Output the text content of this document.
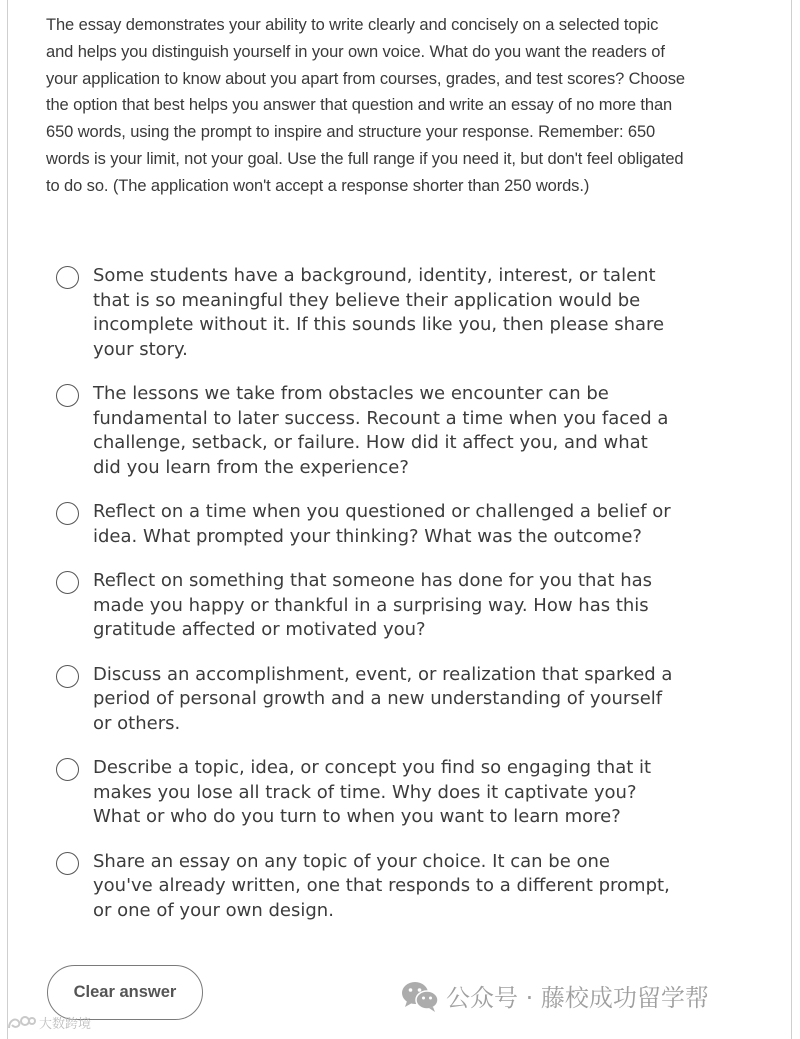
The essay demonstrates your ability to write clearly and concisely on a selected topic and helps you distinguish yourself in your own voice. What do you want the readers of your application to know about you apart from courses, grades, and test scores? Choose the option that best helps you answer that question and write an essay of no more than 650 words, using the prompt to inspire and structure your response. Remember: 650 words is your limit, not your goal. Use the full range if you need it, but don't feel obligated to do so. (The application won't accept a response shorter than 250 words.)
Some students have a background, identity, interest, or talent that is so meaningful they believe their application would be incomplete without it. If this sounds like you, then please share your story.
The lessons we take from obstacles we encounter can be fundamental to later success. Recount a time when you faced a challenge, setback, or failure. How did it affect you, and what did you learn from the experience?
Reflect on a time when you questioned or challenged a belief or idea. What prompted your thinking? What was the outcome?
Reflect on something that someone has done for you that has made you happy or thankful in a surprising way. How has this gratitude affected or motivated you?
Discuss an accomplishment, event, or realization that sparked a period of personal growth and a new understanding of yourself or others.
Describe a topic, idea, or concept you find so engaging that it makes you lose all track of time. Why does it captivate you? What or who do you turn to when you want to learn more?
Share an essay on any topic of your choice. It can be one you've already written, one that responds to a different prompt, or one of your own design.
Clear answer	公众号 · 藤校成功留学帮
大数跨境
